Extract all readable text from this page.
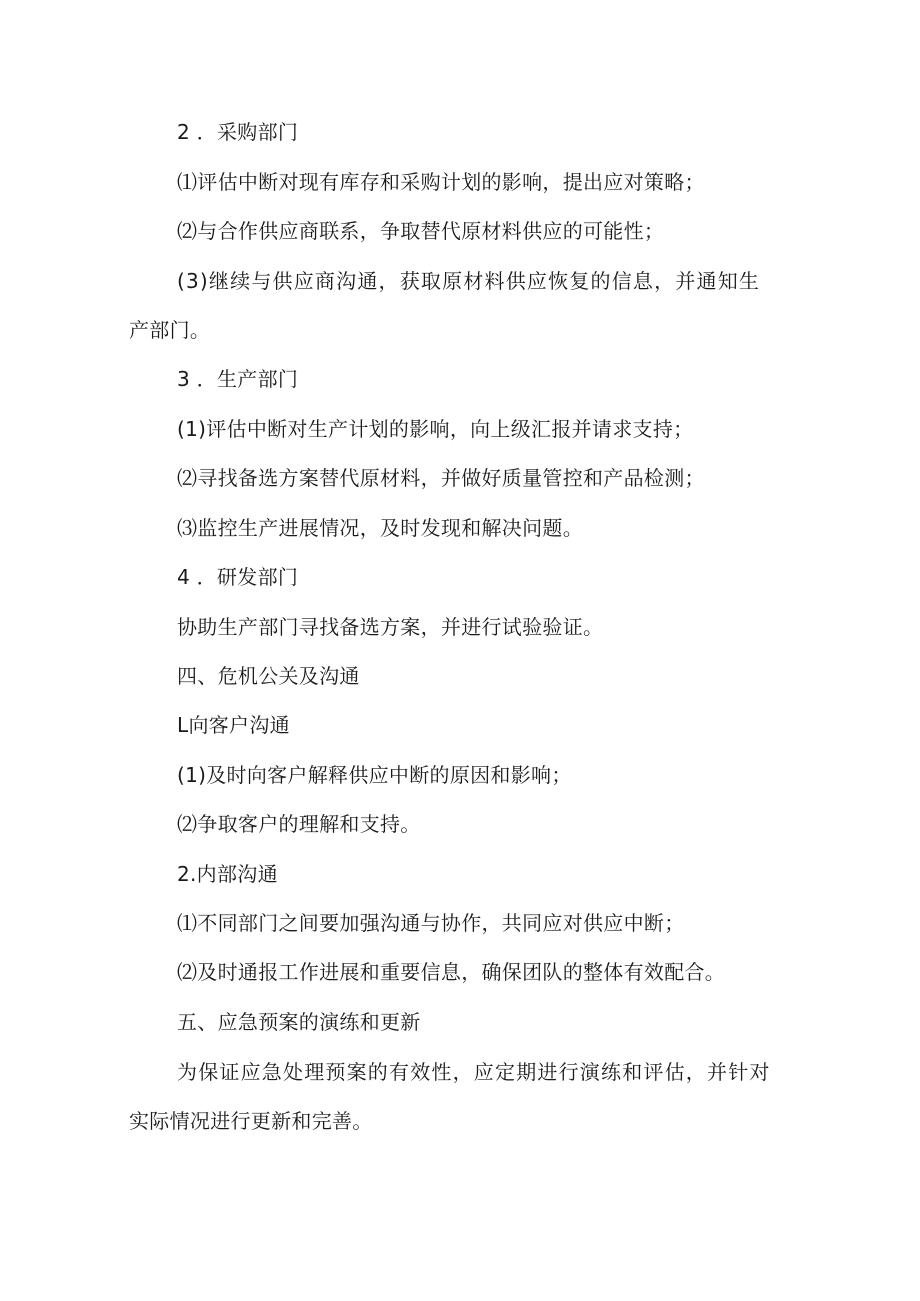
2 ．采购部门
⑴评估中断对现有库存和采购计划的影响，提出应对策略；
⑵与合作供应商联系，争取替代原材料供应的可能性；
(3)继续与供应商沟通，获取原材料供应恢复的信息，并通知生
产部门。
3 ．生产部门
(1)评估中断对生产计划的影响，向上级汇报并请求支持；
⑵寻找备选方案替代原材料，并做好质量管控和产品检测；
⑶监控生产进展情况，及时发现和解决问题。
4 ．研发部门
协助生产部门寻找备选方案，并进行试验验证。
四、危机公关及沟通
L向客户沟通
(1)及时向客户解释供应中断的原因和影响；
⑵争取客户的理解和支持。
2.内部沟通
⑴不同部门之间要加强沟通与协作，共同应对供应中断；
⑵及时通报工作进展和重要信息，确保团队的整体有效配合。
五、应急预案的演练和更新
为保证应急处理预案的有效性，应定期进行演练和评估，并针对
实际情况进行更新和完善。
